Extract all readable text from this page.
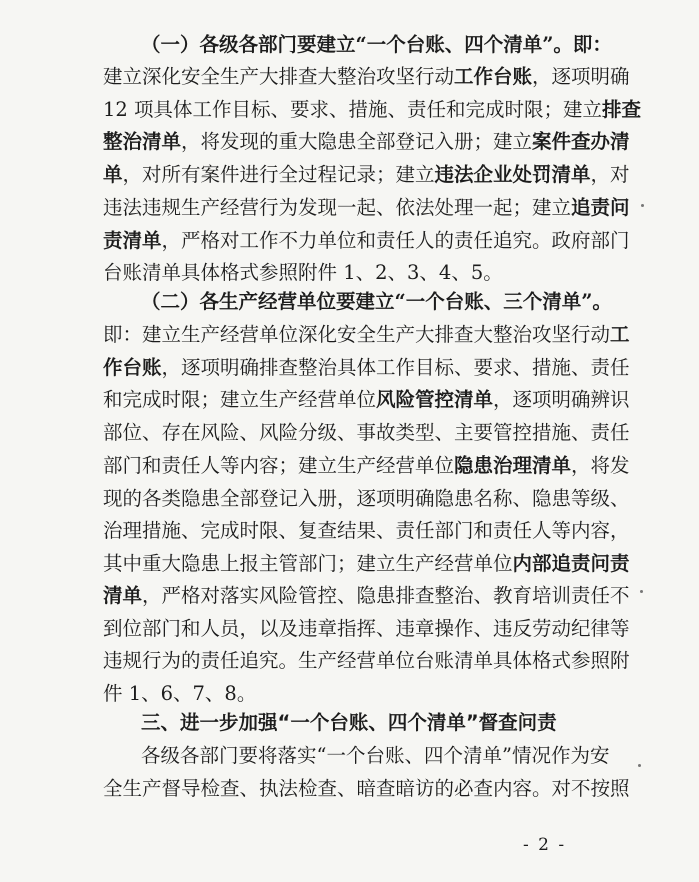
（一）各级各部门要建立“一个台账、四个清单”。即：
建立深化安全生产大排查大整治攻坚行动工作台账，逐项明确
12 项具体工作目标、要求、措施、责任和完成时限；建立排查
整治清单，将发现的重大隐患全部登记入册；建立案件查办清
单，对所有案件进行全过程记录；建立违法企业处罚清单，对
违法违规生产经营行为发现一起、依法处理一起；建立追责问
责清单，严格对工作不力单位和责任人的责任追究。政府部门
台账清单具体格式参照附件 1、2、3、4、5。
（二）各生产经营单位要建立“一个台账、三个清单”。
即：建立生产经营单位深化安全生产大排查大整治攻坚行动工
作台账，逐项明确排查整治具体工作目标、要求、措施、责任
和完成时限；建立生产经营单位风险管控清单，逐项明确辨识
部位、存在风险、风险分级、事故类型、主要管控措施、责任
部门和责任人等内容；建立生产经营单位隐患治理清单，将发
现的各类隐患全部登记入册，逐项明确隐患名称、隐患等级、
治理措施、完成时限、复查结果、责任部门和责任人等内容，
其中重大隐患上报主管部门；建立生产经营单位内部追责问责
清单，严格对落实风险管控、隐患排查整治、教育培训责任不
到位部门和人员，以及违章指挥、违章操作、违反劳动纪律等
违规行为的责任追究。生产经营单位台账清单具体格式参照附
件 1、6、7、8。
三、进一步加强“一个台账、四个清单”督查问责
各级各部门要将落实“一个台账、四个清单”情况作为安
全生产督导检查、执法检查、暗查暗访的必查内容。对不按照
- 2 -
